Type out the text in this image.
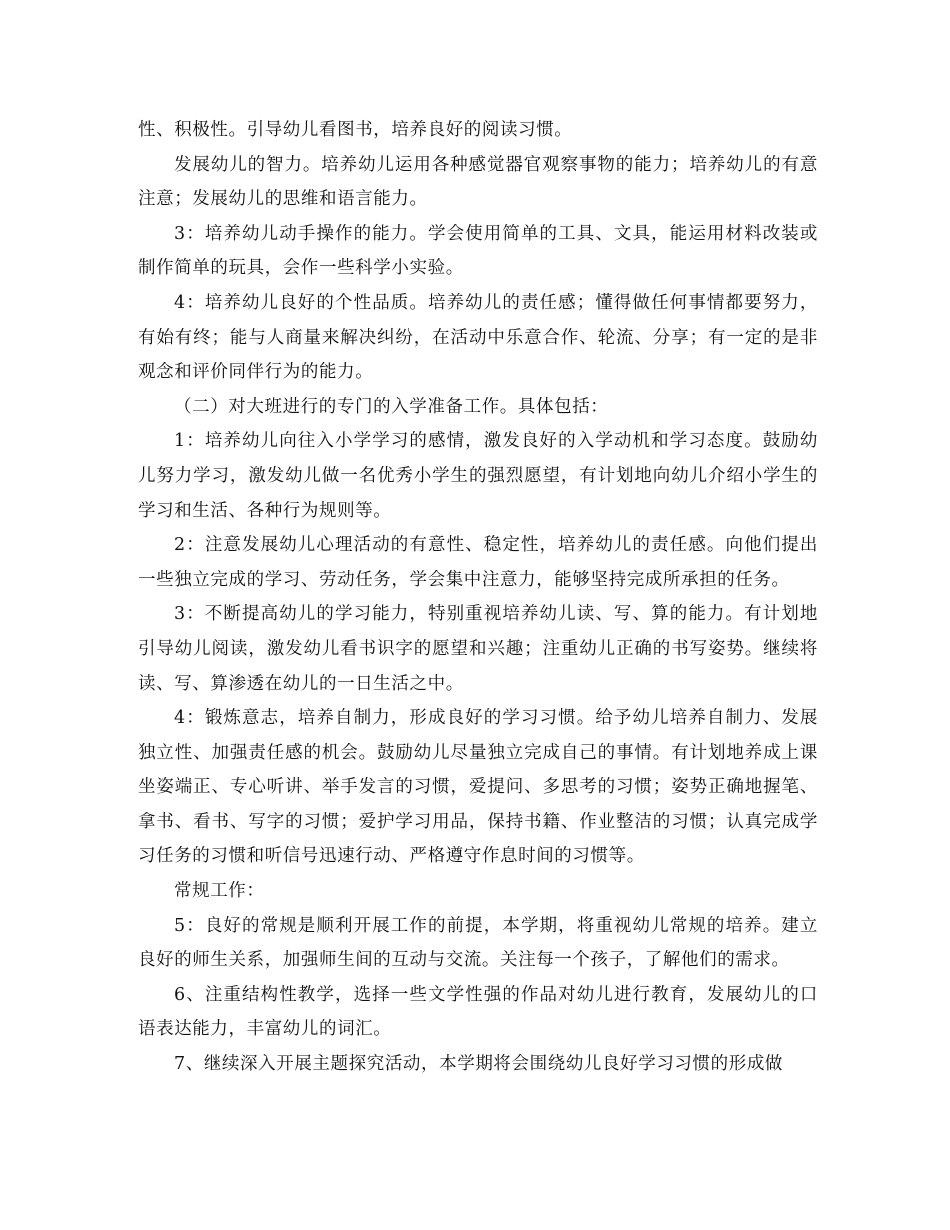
性、积极性。引导幼儿看图书，培养良好的阅读习惯。

发展幼儿的智力。培养幼儿运用各种感觉器官观察事物的能力；培养幼儿的有意注意；发展幼儿的思维和语言能力。

3：培养幼儿动手操作的能力。学会使用简单的工具、文具，能运用材料改装或制作简单的玩具，会作一些科学小实验。

4：培养幼儿良好的个性品质。培养幼儿的责任感；懂得做任何事情都要努力，有始有终；能与人商量来解决纠纷，在活动中乐意合作、轮流、分享；有一定的是非观念和评价同伴行为的能力。

（二）对大班进行的专门的入学准备工作。具体包括：

1：培养幼儿向往入小学学习的感情，激发良好的入学动机和学习态度。鼓励幼儿努力学习，激发幼儿做一名优秀小学生的强烈愿望，有计划地向幼儿介绍小学生的学习和生活、各种行为规则等。

2：注意发展幼儿心理活动的有意性、稳定性，培养幼儿的责任感。向他们提出一些独立完成的学习、劳动任务，学会集中注意力，能够坚持完成所承担的任务。

3：不断提高幼儿的学习能力，特别重视培养幼儿读、写、算的能力。有计划地引导幼儿阅读，激发幼儿看书识字的愿望和兴趣；注重幼儿正确的书写姿势。继续将读、写、算渗透在幼儿的一日生活之中。

4：锻炼意志，培养自制力，形成良好的学习习惯。给予幼儿培养自制力、发展独立性、加强责任感的机会。鼓励幼儿尽量独立完成自己的事情。有计划地养成上课坐姿端正、专心听讲、举手发言的习惯，爱提问、多思考的习惯；姿势正确地握笔、拿书、看书、写字的习惯；爱护学习用品，保持书籍、作业整洁的习惯；认真完成学习任务的习惯和听信号迅速行动、严格遵守作息时间的习惯等。

常规工作：

5：良好的常规是顺利开展工作的前提，本学期，将重视幼儿常规的培养。建立良好的师生关系，加强师生间的互动与交流。关注每一个孩子，了解他们的需求。

6、注重结构性教学，选择一些文学性强的作品对幼儿进行教育，发展幼儿的口语表达能力，丰富幼儿的词汇。

7、继续深入开展主题探究活动，本学期将会围绕幼儿良好学习习惯的形成做
